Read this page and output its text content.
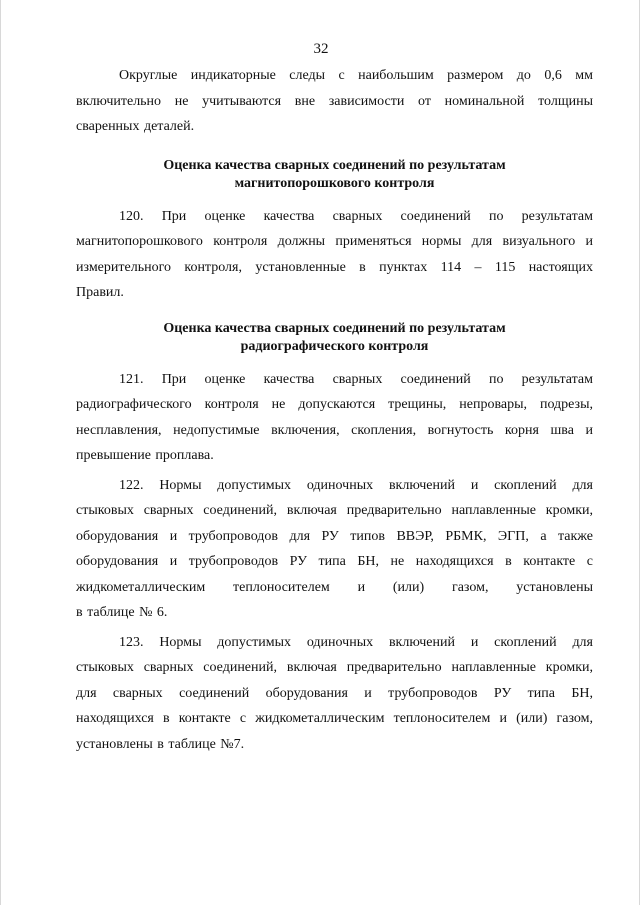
32
Округлые индикаторные следы с наибольшим размером до 0,6 мм
включительно не учитываются вне зависимости от номинальной толщины
сваренных деталей.
Оценка качества сварных соединений по результатам
магнитопорошкового контроля
120. При оценке качества сварных соединений по результатам
магнитопорошкового контроля должны применяться нормы для визуального и
измерительного контроля, установленные в пунктах 114 – 115 настоящих
Правил.
Оценка качества сварных соединений по результатам
радиографического контроля
121. При оценке качества сварных соединений по результатам
радиографического контроля не допускаются трещины, непровары, подрезы,
несплавления, недопустимые включения, скопления, вогнутость корня шва и
превышение проплава.
122. Нормы допустимых одиночных включений и скоплений для
стыковых сварных соединений, включая предварительно наплавленные кромки,
оборудования и трубопроводов для РУ типов ВВЭР, РБМК, ЭГП, а также
оборудования и трубопроводов РУ типа БН, не находящихся в контакте с
жидкометаллическим теплоносителем и (или) газом, установлены
в таблице № 6.
123. Нормы допустимых одиночных включений и скоплений для
стыковых сварных соединений, включая предварительно наплавленные кромки,
для сварных соединений оборудования и трубопроводов РУ типа БН,
находящихся в контакте с жидкометаллическим теплоносителем и (или) газом,
установлены в таблице №7.
